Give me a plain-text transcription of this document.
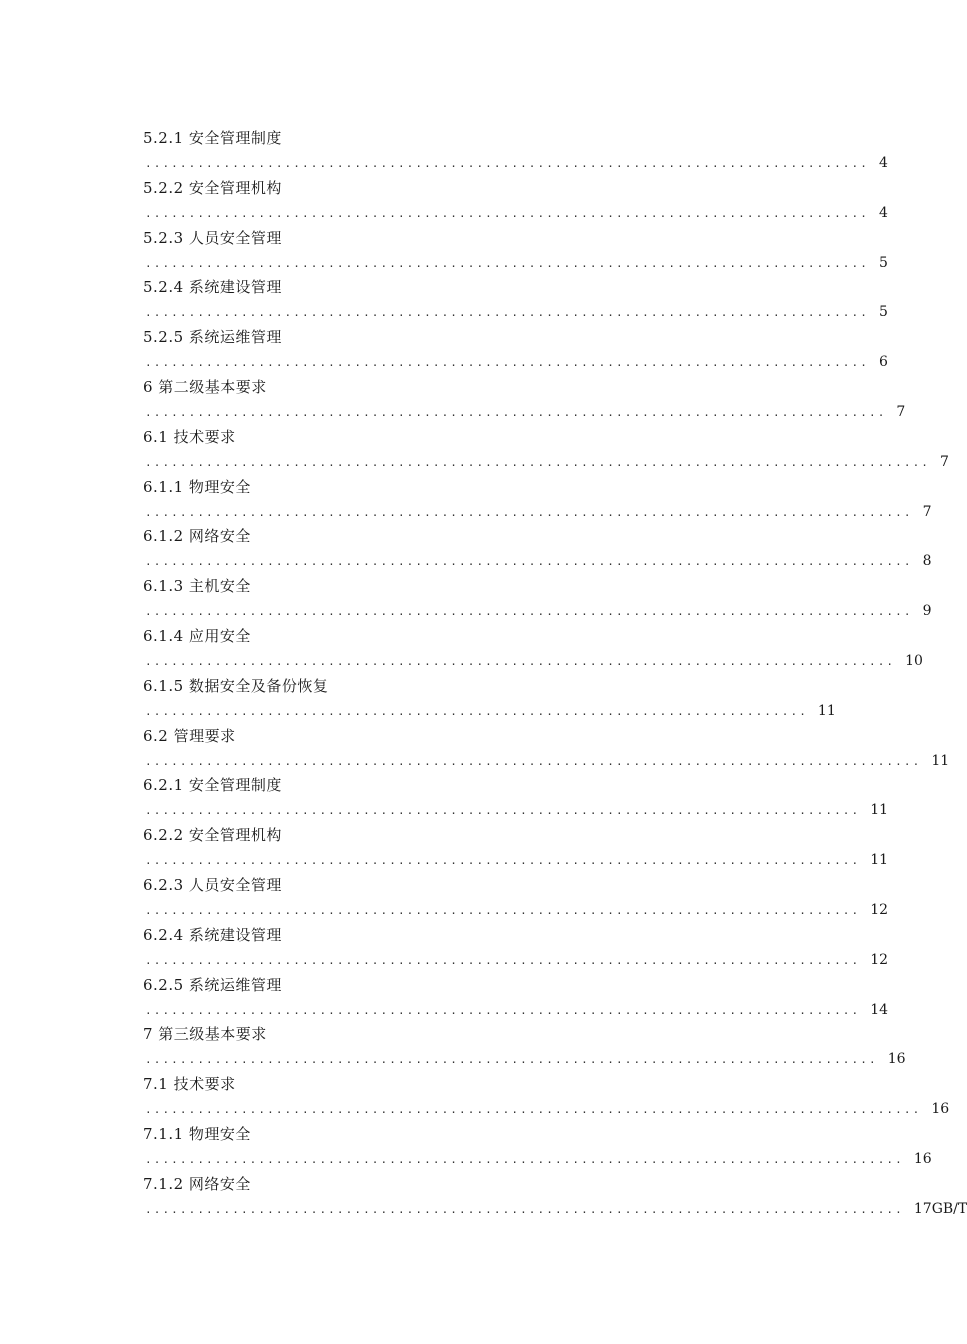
5.2.1 安全管理制度
................................................................................... 4
5.2.2 安全管理机构
................................................................................... 4
5.2.3 人员安全管理
................................................................................... 5
5.2.4 系统建设管理
................................................................................... 5
5.2.5 系统运维管理
................................................................................... 6
6 第二级基本要求
..................................................................................... 7
6.1 技术要求
.......................................................................................... 7
6.1.1 物理安全
........................................................................................ 7
6.1.2 网络安全
........................................................................................ 8
6.1.3 主机安全
........................................................................................ 9
6.1.4 应用安全
...................................................................................... 10
6.1.5 数据安全及备份恢复
............................................................................ 11
6.2 管理要求
......................................................................................... 11
6.2.1 安全管理制度
.................................................................................. 11
6.2.2 安全管理机构
.................................................................................. 11
6.2.3 人员安全管理
.................................................................................. 12
6.2.4 系统建设管理
.................................................................................. 12
6.2.5 系统运维管理
.................................................................................. 14
7 第三级基本要求
.................................................................................... 16
7.1 技术要求
......................................................................................... 16
7.1.1 物理安全
....................................................................................... 16
7.1.2 网络安全
....................................................................................... 17GB/T
